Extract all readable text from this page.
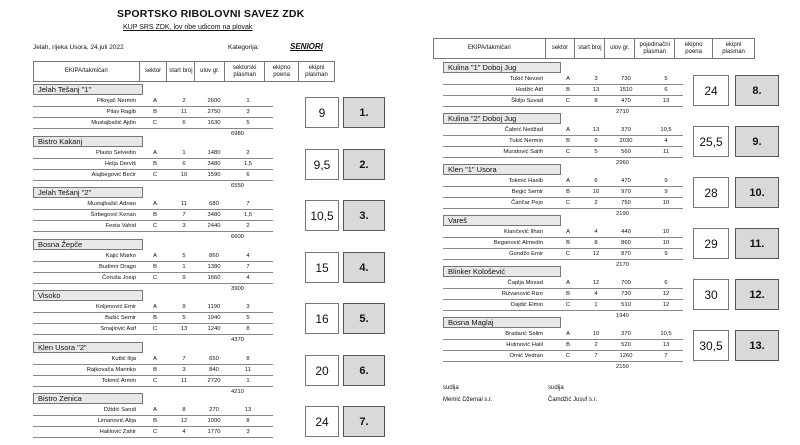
SPORTSKO RIBOLOVNI SAVEZ ZDK
KUP SRS ZDK, lov ribe udicom na plovak
Jelah, rijeka Usora, 24.juli 2022	Kategorija:	SENIORI
EKIPA/takmičari	sektor	start broj	ulov gr.	sektorski plasman	ekipno poena	ekipni plasman
Jelah Tešanj "1"
Piknjač Nermin	A	2	2600	1
Pilav Ragib	B	11	2750	3
Mustajbašić Ajdin	C	6	1630	5
6980
9	1.
Bistro Kakanj
Plasto Selvedin	A	1	1480	2
Helja Derviš	B	6	3480	1,5
Alajbegović Bećir	C	10	1590	6
6550
9,5	2.
Jelah Tešanj "2"
Mustajbašić Adnan	A	11	680	7
Širbegović Kenan	B	7	3480	1,5
Festa Vahid	C	3	2440	2
6600
10,5	3.
Bosna Žepče
Kajić Marko	A	5	860	4
Budimir Drago	B	1	1380	7
Ćoruša Josip	C	9	1660	4
3900
15	4.
Visoko
Koljenović Emir	A	9	1190	3
Bašić Semir	B	5	1940	5
Smajlović Asif	C	13	1240	8
4370
16	5.
Klen Usora "2"
Kutlić Ilija	A	7	650	8
Rajkovača Marinko	B	3	840	11
Tokmić Armin	C	11	2720	1
4210
20	6.
Bistro Zenica
Džidić Sandi	A	8	270	13
Limanović Alija	B	12	1000	8
Halilović Zahir	C	4	1770	3
24	7.
EKIPA/takmičari	sektor	start broj	ulov gr.	pojedinačni plasman	ekipno poena	ekipni plasman
Kulina "1" Doboj Jug
Tukić Nevzet	A	3	730	5
Hodžić Atif	B	13	1510	6
Škiljo Suvad	C	8	470	13
2710
24	8.
Kulina "2" Doboj Jug
Čabrić Nedžad	A	13	370	10,5
Tukić Nermin	B	9	2030	4
Muratović Salih	C	5	560	11
2960
25,5	9.
Klen "1" Usora
Tokmić Hasib	A	6	470	9
Begić Semir	B	10	970	9
Čančar Pejo	C	2	750	10
2190
28	10.
Vareš
Klančević Ilhan	A	4	440	10
Beganović Almedin	B	8	860	10
Gondžo Emir	C	12	870	9
2170
29	11.
Blinker Kološević
Čaplja Mirsad	A	12	700	6
Rizvanović Rizo	B	4	730	12
Dajdić Elmin	C	1	510	12
1940
30	12.
Bosna Maglaj
Bradarić Salim	A	10	370	10,5
Hutinović Halil	B	2	520	13
Omić Vedran	C	7	1260	7
2150
30,5	13.
sudija
Memić Džemal s.r.
sudija
Čamdžić Jusuf s.r.
